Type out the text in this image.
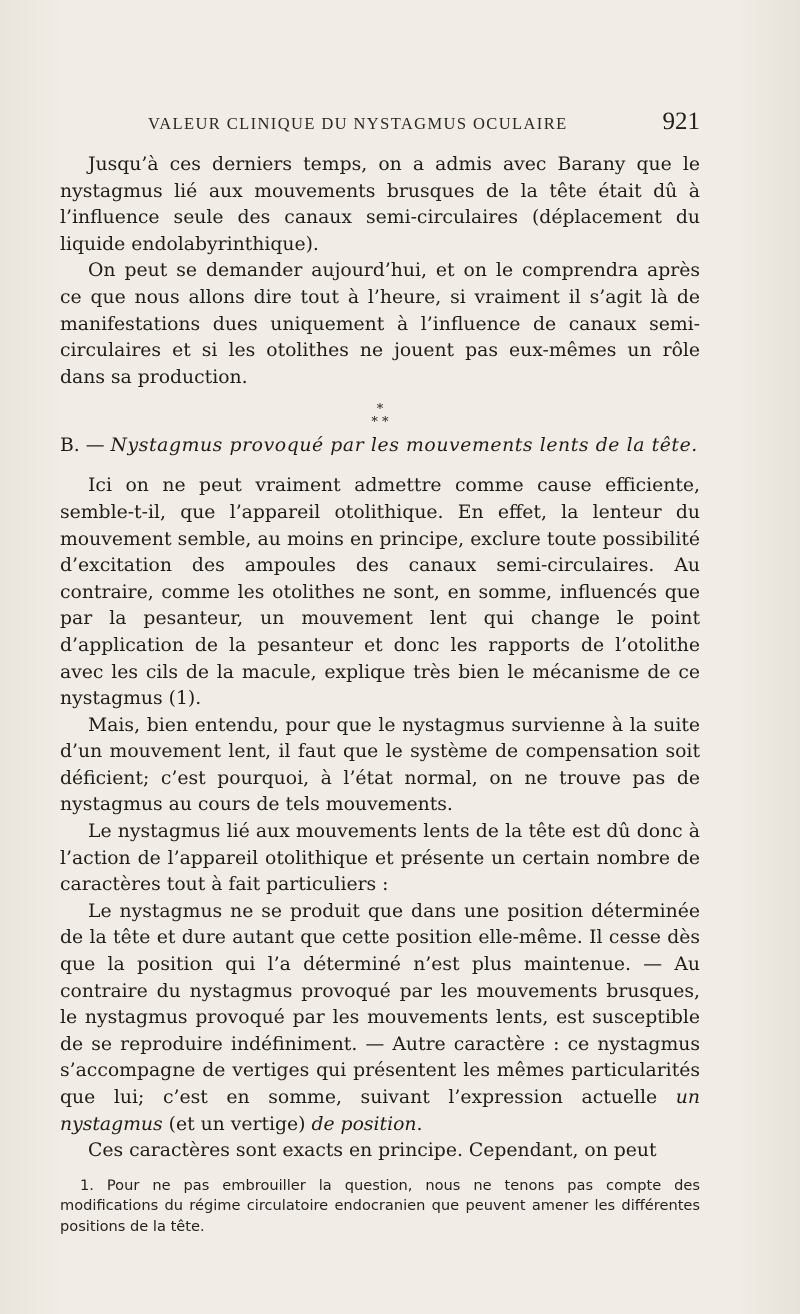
VALEUR CLINIQUE DU NYSTAGMUS OCULAIRE	921

Jusqu’à ces derniers temps, on a admis avec Barany que le nystagmus lié aux mouvements brusques de la tête était dû à l’influence seule des canaux semi-circulaires (déplacement du liquide endolabyrinthique).

On peut se demander aujourd’hui, et on le comprendra après ce que nous allons dire tout à l’heure, si vraiment il s’agit là de manifestations dues uniquement à l’influence de canaux semi-circulaires et si les otolithes ne jouent pas eux-mêmes un rôle dans sa production.

*
* *

B. — Nystagmus provoqué par les mouvements lents de la tête.

Ici on ne peut vraiment admettre comme cause efficiente, semble-t-il, que l’appareil otolithique. En effet, la lenteur du mouvement semble, au moins en principe, exclure toute possibilité d’excitation des ampoules des canaux semi-circulaires. Au contraire, comme les otolithes ne sont, en somme, influencés que par la pesanteur, un mouvement lent qui change le point d’application de la pesanteur et donc les rapports de l’otolithe avec les cils de la macule, explique très bien le mécanisme de ce nystagmus (1).

Mais, bien entendu, pour que le nystagmus survienne à la suite d’un mouvement lent, il faut que le système de compensation soit déficient; c’est pourquoi, à l’état normal, on ne trouve pas de nystagmus au cours de tels mouvements.

Le nystagmus lié aux mouvements lents de la tête est dû donc à l’action de l’appareil otolithique et présente un certain nombre de caractères tout à fait particuliers :

Le nystagmus ne se produit que dans une position déterminée de la tête et dure autant que cette position elle-même. Il cesse dès que la position qui l’a déterminé n’est plus maintenue. — Au contraire du nystagmus provoqué par les mouvements brusques, le nystagmus provoqué par les mouvements lents, est susceptible de se reproduire indéfiniment. — Autre caractère : ce nystagmus s’accompagne de vertiges qui présentent les mêmes particularités que lui; c’est en somme, suivant l’expression actuelle un nystagmus (et un vertige) de position.

Ces caractères sont exacts en principe. Cependant, on peut

1. Pour ne pas embrouiller la question, nous ne tenons pas compte des modifications du régime circulatoire endocranien que peuvent amener les différentes positions de la tête.
